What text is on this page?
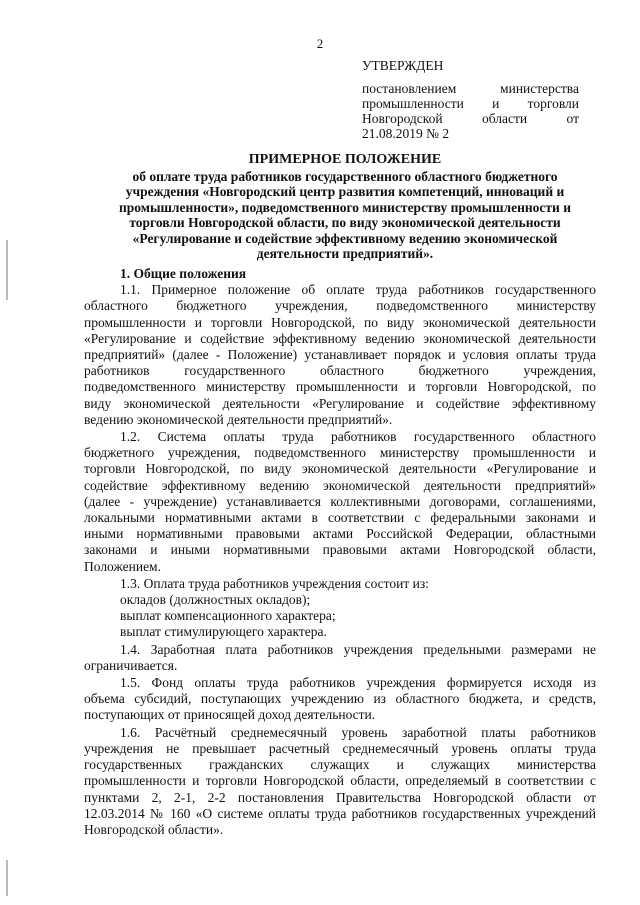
2
УТВЕРЖДЕН
постановлением министерства
промышленности и торговли
Новгородской области от
21.08.2019 № 2
ПРИМЕРНОЕ ПОЛОЖЕНИЕ
об оплате труда работников государственного областного бюджетного
учреждения «Новгородский центр развития компетенций, инноваций и
промышленности», подведомственного министерству промышленности и
торговли Новгородской области, по виду экономической деятельности
«Регулирование и содействие эффективному ведению экономической
деятельности предприятий».
1. Общие положения
1.1. Примерное положение об оплате труда работников государственного
областного бюджетного учреждения, подведомственного министерству
промышленности и торговли Новгородской, по виду экономической деятельности
«Регулирование и содействие эффективному ведению экономической деятельности
предприятий» (далее - Положение) устанавливает порядок и условия оплаты труда
работников государственного областного бюджетного учреждения,
подведомственного министерству промышленности и торговли Новгородской, по
виду экономической деятельности «Регулирование и содействие эффективному
ведению экономической деятельности предприятий».
1.2. Система оплаты труда работников государственного областного
бюджетного учреждения, подведомственного министерству промышленности и
торговли Новгородской, по виду экономической деятельности «Регулирование и
содействие эффективному ведению экономической деятельности предприятий»
(далее - учреждение) устанавливается коллективными договорами, соглашениями,
локальными нормативными актами в соответствии с федеральными законами и
иными нормативными правовыми актами Российской Федерации, областными
законами и иными нормативными правовыми актами Новгородской области,
Положением.
1.3. Оплата труда работников учреждения состоит из:
окладов (должностных окладов);
выплат компенсационного характера;
выплат стимулирующего характера.
1.4. Заработная плата работников учреждения предельными размерами не
ограничивается.
1.5. Фонд оплаты труда работников учреждения формируется исходя из
объема субсидий, поступающих учреждению из областного бюджета, и средств,
поступающих от приносящей доход деятельности.
1.6. Расчётный среднемесячный уровень заработной платы работников
учреждения не превышает расчетный среднемесячный уровень оплаты труда
государственных гражданских служащих и служащих министерства
промышленности и торговли Новгородской области, определяемый в соответствии с
пунктами 2, 2-1, 2-2 постановления Правительства Новгородской области от
12.03.2014 № 160 «О системе оплаты труда работников государственных учреждений
Новгородской области».
